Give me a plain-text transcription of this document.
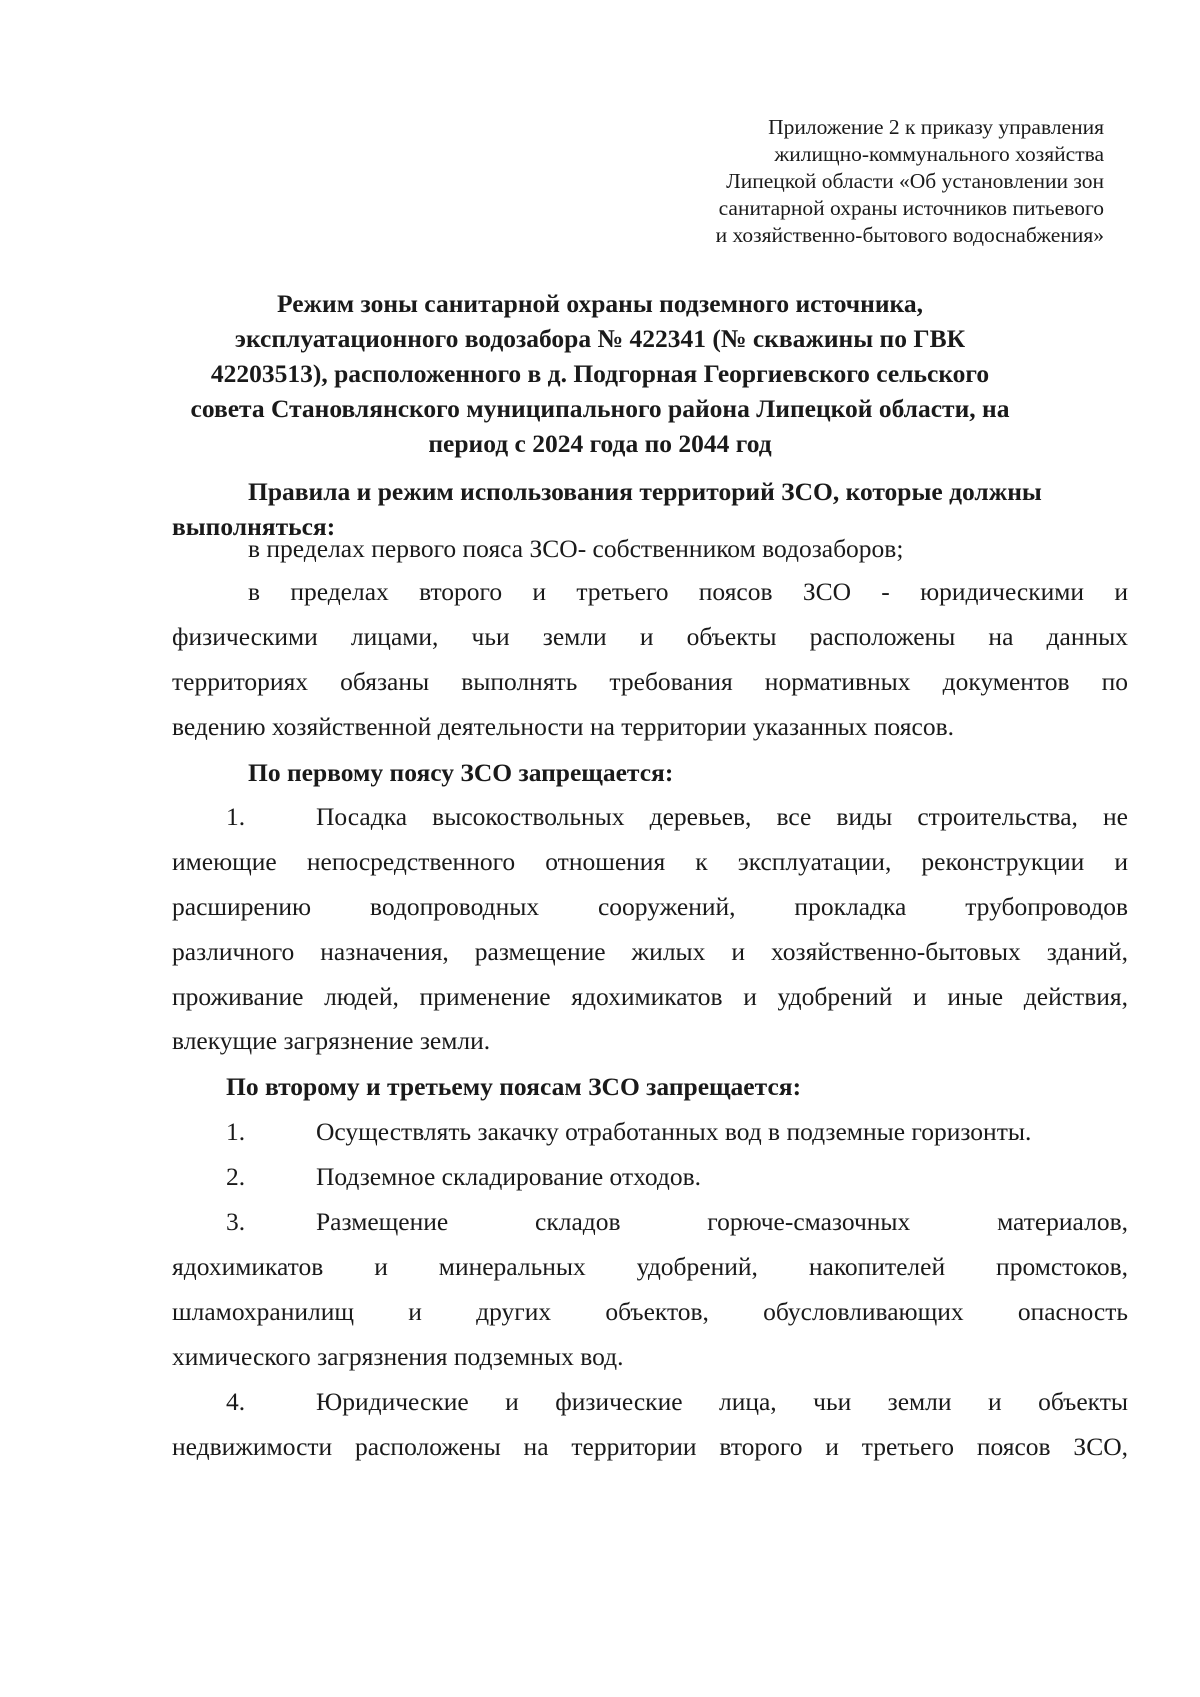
Приложение 2 к приказу управления
жилищно-коммунального хозяйства
Липецкой области «Об установлении зон
санитарной охраны источников питьевого
и хозяйственно-бытового водоснабжения»
Режим зоны санитарной охраны подземного источника,
эксплуатационного водозабора № 422341 (№ скважины по ГВК
42203513), расположенного в д. Подгорная Георгиевского сельского
совета Становлянского муниципального района Липецкой области, на
период с 2024 года по 2044 год
Правила и режим использования территорий ЗСО, которые должны
выполняться:
в пределах первого пояса ЗСО- собственником водозаборов;
в пределах второго и третьего поясов ЗСО - юридическими и
физическими лицами, чьи земли и объекты расположены на данных
территориях обязаны выполнять требования нормативных документов по
ведению хозяйственной деятельности на территории указанных поясов.
По первому поясу ЗСО запрещается:
1.	Посадка высокоствольных деревьев, все виды строительства, не
имеющие непосредственного отношения к эксплуатации, реконструкции и
расширению водопроводных сооружений, прокладка трубопроводов
различного назначения, размещение жилых и хозяйственно-бытовых зданий,
проживание людей, применение ядохимикатов и удобрений и иные действия,
влекущие загрязнение земли.
По второму и третьему поясам ЗСО запрещается:
1.	Осуществлять закачку отработанных вод в подземные горизонты.
2.	Подземное складирование отходов.
3.	Размещение складов горюче-смазочных материалов,
ядохимикатов и минеральных удобрений, накопителей промстоков,
шламохранилищ и других объектов, обусловливающих опасность
химического загрязнения подземных вод.
4.	Юридические и физические лица, чьи земли и объекты
недвижимости расположены на территории второго и третьего поясов ЗСО,
